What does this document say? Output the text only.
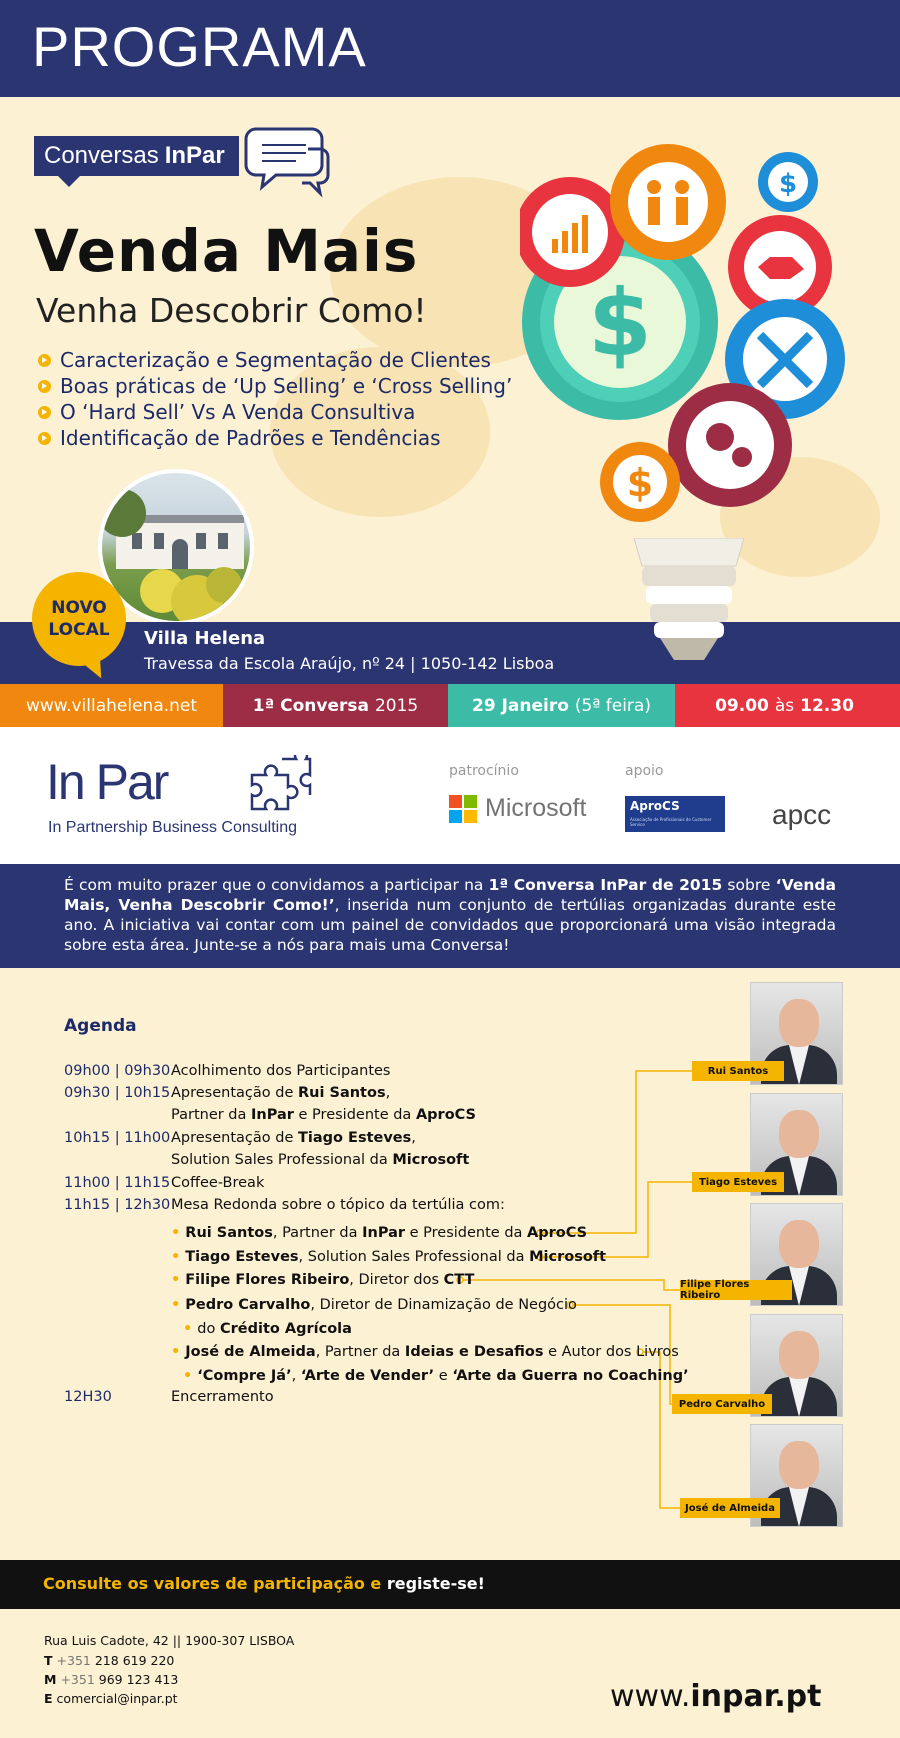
PROGRAMA
Conversas InPar
Venda Mais
Venha Descobrir Como!
Caracterização e Segmentação de Clientes
Boas práticas de ‘Up Selling’ e ‘Cross Selling’
O ‘Hard Sell’ Vs A Venda Consultiva
Identificação de Padrões e Tendências
$
$
$
Villa Helena
Travessa da Escola Araújo, nº 24 | 1050-142 Lisboa
NOVO
LOCAL
www.villahelena.net	1ª Conversa 2015	29 Janeiro (5ª feira)	09.00 às 12.30
In Par
In Partnership Business Consulting
patrocínio	apoio
Microsoft	AproCS
Associação de Profissionais de Customer Service	apcc

É com muito prazer que o convidamos a participar na 1ª Conversa InPar de 2015 sobre ‘Venda Mais, Venha Descobrir Como!’, inserida num conjunto de tertúlias organizadas durante este ano. A iniciativa vai contar com um painel de convidados que proporcionará uma visão integrada sobre esta área. Junte-se a nós para mais uma Conversa!

Agenda
09h00 | 09h30 Acolhimento dos Participantes
09h30 | 10h15 Apresentação de Rui Santos,
Partner da InPar e Presidente da AproCS
10h15 | 11h00 Apresentação de Tiago Esteves,
Solution Sales Professional da Microsoft
11h00 | 11h15 Coffee-Break
11h15 | 12h30 Mesa Redonda sobre o tópico da tertúlia com:
• Rui Santos, Partner da InPar e Presidente da AproCS
• Tiago Esteves, Solution Sales Professional da Microsoft
• Filipe Flores Ribeiro, Diretor dos CTT
• Pedro Carvalho, Diretor de Dinamização de Negócio
• do Crédito Agrícola
• José de Almeida, Partner da Ideias e Desafios e Autor dos Livros
• ‘Compre Já’, ‘Arte de Vender’ e ‘Arte da Guerra no Coaching’
12H30	Encerramento
Rui Santos
Tiago Esteves
Filipe Flores Ribeiro
Pedro Carvalho
José de Almeida

Consulte os valores de participação e registe-se!

Rua Luis Cadote, 42 || 1900-307 LISBOA
T +351 218 619 220
M +351 969 123 413
E comercial@inpar.pt	www.inpar.pt
